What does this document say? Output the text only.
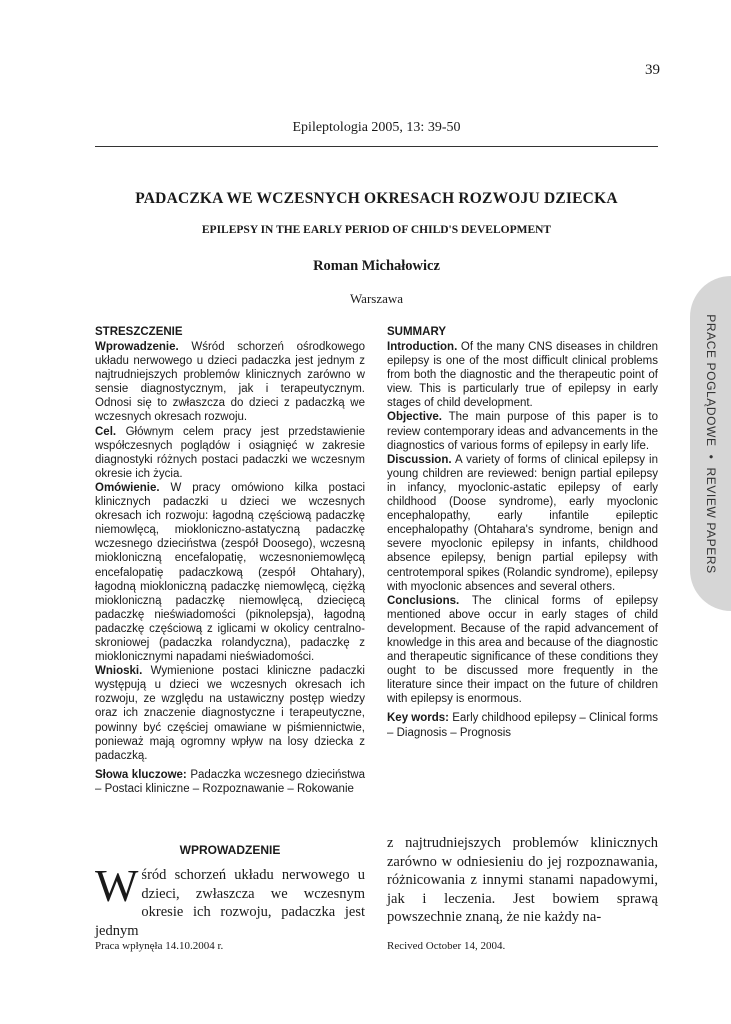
39
Epileptologia 2005, 13: 39-50
PADACZKA WE WCZESNYCH OKRESACH ROZWOJU DZIECKA
EPILEPSY IN THE EARLY PERIOD OF CHILD'S DEVELOPMENT
Roman Michałowicz
Warszawa
STRESZCZENIE

Wprowadzenie. Wśród schorzeń ośrodkowego układu nerwowego u dzieci padaczka jest jednym z najtrudniejszych problemów klinicznych zarówno w sensie diagnostycznym, jak i terapeutycznym. Odnosi się to zwłaszcza do dzieci z padaczką we wczesnych okresach rozwoju.

Cel. Głównym celem pracy jest przedstawienie współczesnych poglądów i osiągnięć w zakresie diagnostyki różnych postaci padaczki we wczesnym okresie ich życia.

Omówienie. W pracy omówiono kilka postaci klinicznych padaczki u dzieci we wczesnych okresach ich rozwoju: łagodną częściową padaczkę niemowlęcą, miokloniczno-astatyczną padaczkę wczesnego dzieciństwa (zespół Doosego), wczesną miokloniczną encefalopatię, wczesnoniemowlęcą encefalopatię padaczkową (zespół Ohtahary), łagodną miokloniczną padaczkę niemowlęcą, ciężką miokloniczną padaczkę niemowlęcą, dziecięcą padaczkę nieświadomości (piknolepsja), łagodną padaczkę częściową z iglicami w okolicy centralno-skroniowej (padaczka rolandyczna), padaczkę z mioklonicznymi napadami nieświadomości.

Wnioski. Wymienione postaci kliniczne padaczki występują u dzieci we wczesnych okresach ich rozwoju, ze względu na ustawiczny postęp wiedzy oraz ich znaczenie diagnostyczne i terapeutyczne, powinny być częściej omawiane w piśmiennictwie, ponieważ mają ogromny wpływ na losy dziecka z padaczką.

Słowa kluczowe: Padaczka wczesnego dzieciństwa – Postaci kliniczne – Rozpoznawanie – Rokowanie

SUMMARY

Introduction. Of the many CNS diseases in children epilepsy is one of the most difficult clinical problems from both the diagnostic and the therapeutic point of view. This is particularly true of epilepsy in early stages of child development.

Objective. The main purpose of this paper is to review contemporary ideas and advancements in the diagnostics of various forms of epilepsy in early life.

Discussion. A variety of forms of clinical epilepsy in young children are reviewed: benign partial epilepsy in infancy, myoclonic-astatic epilepsy of early childhood (Doose syndrome), early myoclonic encephalopathy, early infantile epileptic encephalopathy (Ohtahara's syndrome, benign and severe myoclonic epilepsy in infants, childhood absence epilepsy, benign partial epilepsy with centrotemporal spikes (Rolandic syndrome), epilepsy with myoclonic absences and several others.

Conclusions. The clinical forms of epilepsy mentioned above occur in early stages of child development. Because of the rapid advancement of knowledge in this area and because of the diagnostic and therapeutic significance of these conditions they ought to be discussed more frequently in the literature since their impact on the future of children with epilepsy is enormous.

Key words: Early childhood epilepsy – Clinical forms – Diagnosis – Prognosis

WPROWADZENIE
Wśród schorzeń układu nerwowego u dzieci, zwłaszcza we wczesnym okresie ich rozwoju, padaczka jest jednym
z najtrudniejszych problemów klinicznych zarówno w odniesieniu do jej rozpoznawania, różnicowania z innymi stanami napadowymi, jak i leczenia. Jest bowiem sprawą powszechnie znaną, że nie każdy na-
Praca wpłynęła 14.10.2004 r.	Recived October 14, 2004.
PRACE POGLĄDOWE•REVIEW PAPERS
